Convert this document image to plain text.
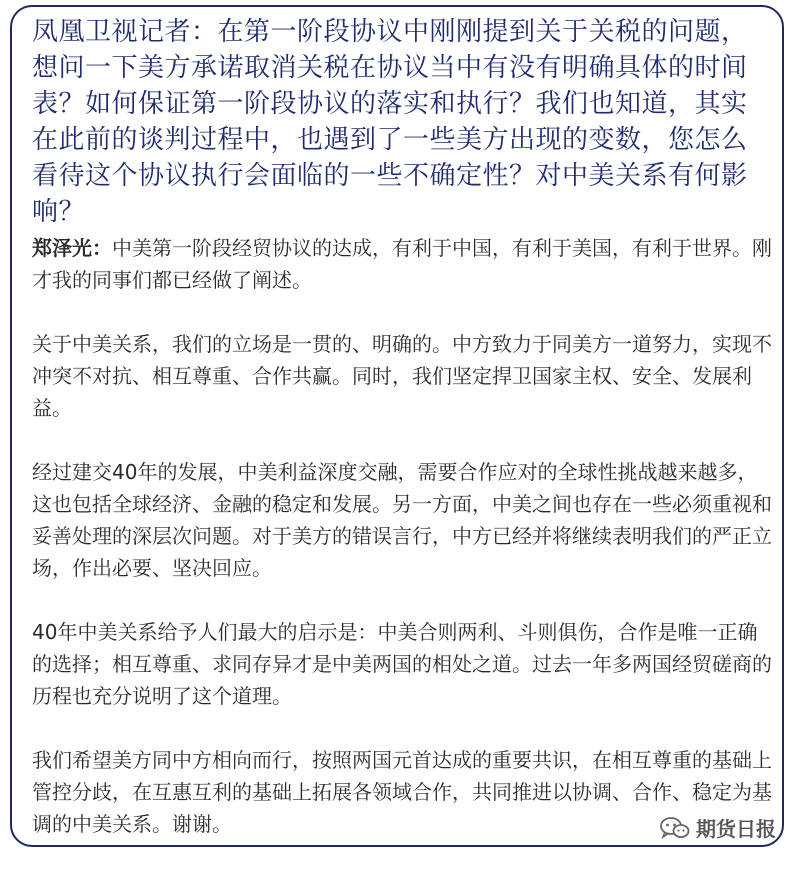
凤凰卫视记者：在第一阶段协议中刚刚提到关于关税的问题，想问一下美方承诺取消关税在协议当中有没有明确具体的时间表？如何保证第一阶段协议的落实和执行？我们也知道，其实在此前的谈判过程中，也遇到了一些美方出现的变数，您怎么看待这个协议执行会面临的一些不确定性？对中美关系有何影响？

郑泽光：中美第一阶段经贸协议的达成，有利于中国，有利于美国，有利于世界。刚才我的同事们都已经做了阐述。

关于中美关系，我们的立场是一贯的、明确的。中方致力于同美方一道努力，实现不冲突不对抗、相互尊重、合作共赢。同时，我们坚定捍卫国家主权、安全、发展利益。

经过建交40年的发展，中美利益深度交融，需要合作应对的全球性挑战越来越多，这也包括全球经济、金融的稳定和发展。另一方面，中美之间也存在一些必须重视和妥善处理的深层次问题。对于美方的错误言行，中方已经并将继续表明我们的严正立场，作出必要、坚决回应。

40年中美关系给予人们最大的启示是：中美合则两利、斗则俱伤，合作是唯一正确的选择；相互尊重、求同存异才是中美两国的相处之道。过去一年多两国经贸磋商的历程也充分说明了这个道理。

我们希望美方同中方相向而行，按照两国元首达成的重要共识，在相互尊重的基础上管控分歧，在互惠互利的基础上拓展各领域合作，共同推进以协调、合作、稳定为基调的中美关系。谢谢。	期货日报
